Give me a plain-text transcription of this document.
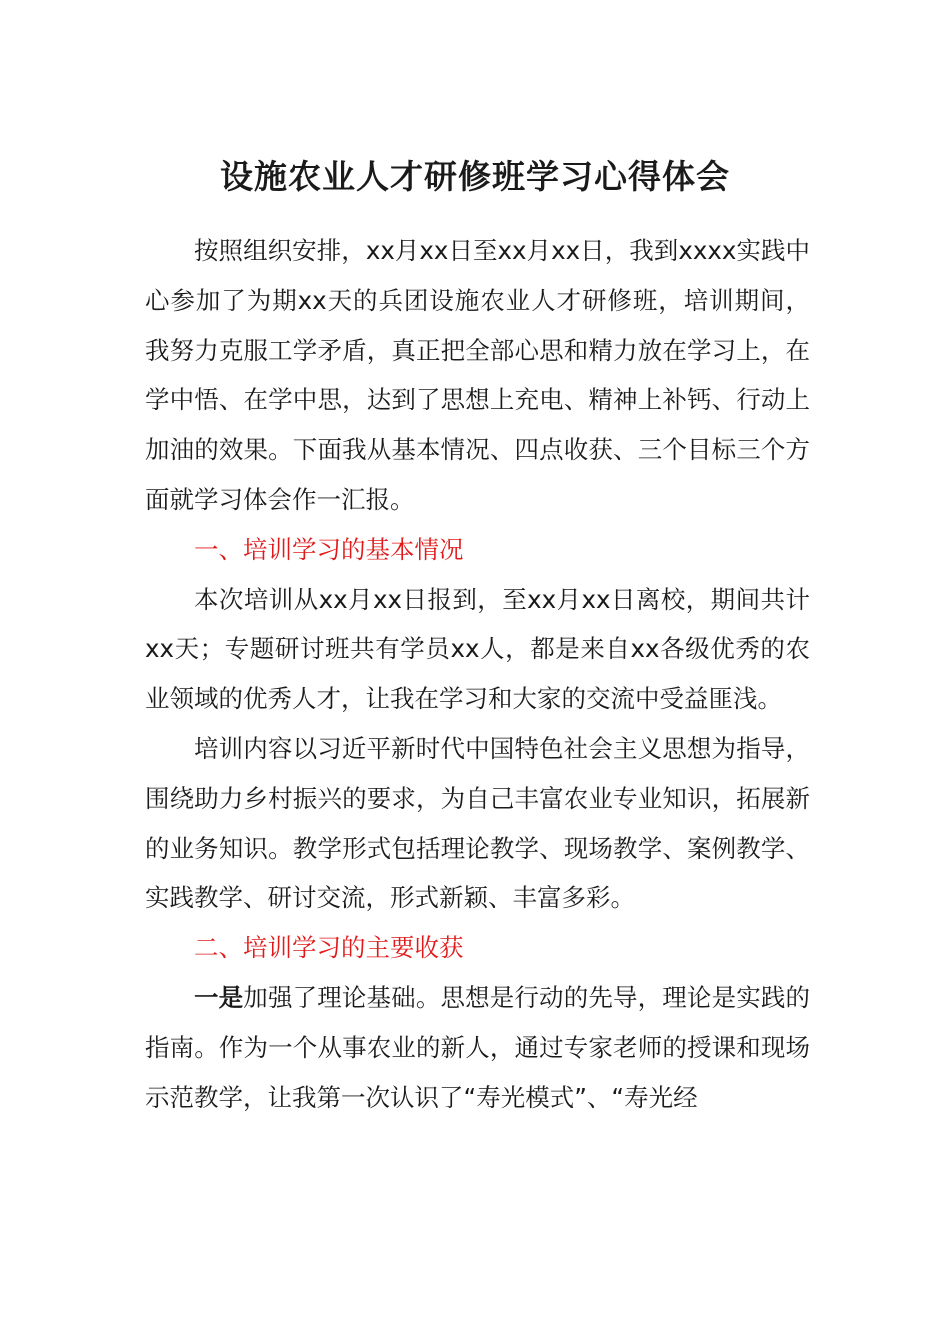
设施农业人才研修班学习心得体会

按照组织安排，xx月xx日至xx月xx日，我到xxxx实践中心参加了为期xx天的兵团设施农业人才研修班，培训期间，我努力克服工学矛盾，真正把全部心思和精力放在学习上，在学中悟、在学中思，达到了思想上充电、精神上补钙、行动上加油的效果。下面我从基本情况、四点收获、三个目标三个方面就学习体会作一汇报。

一、培训学习的基本情况

本次培训从xx月xx日报到，至xx月xx日离校，期间共计xx天；专题研讨班共有学员xx人，都是来自xx各级优秀的农业领域的优秀人才，让我在学习和大家的交流中受益匪浅。

培训内容以习近平新时代中国特色社会主义思想为指导，围绕助力乡村振兴的要求，为自己丰富农业专业知识，拓展新的业务知识。教学形式包括理论教学、现场教学、案例教学、实践教学、研讨交流，形式新颖、丰富多彩。

二、培训学习的主要收获

一是加强了理论基础。思想是行动的先导，理论是实践的指南。作为一个从事农业的新人，通过专家老师的授课和现场示范教学，让我第一次认识了“寿光模式”、“寿光经
